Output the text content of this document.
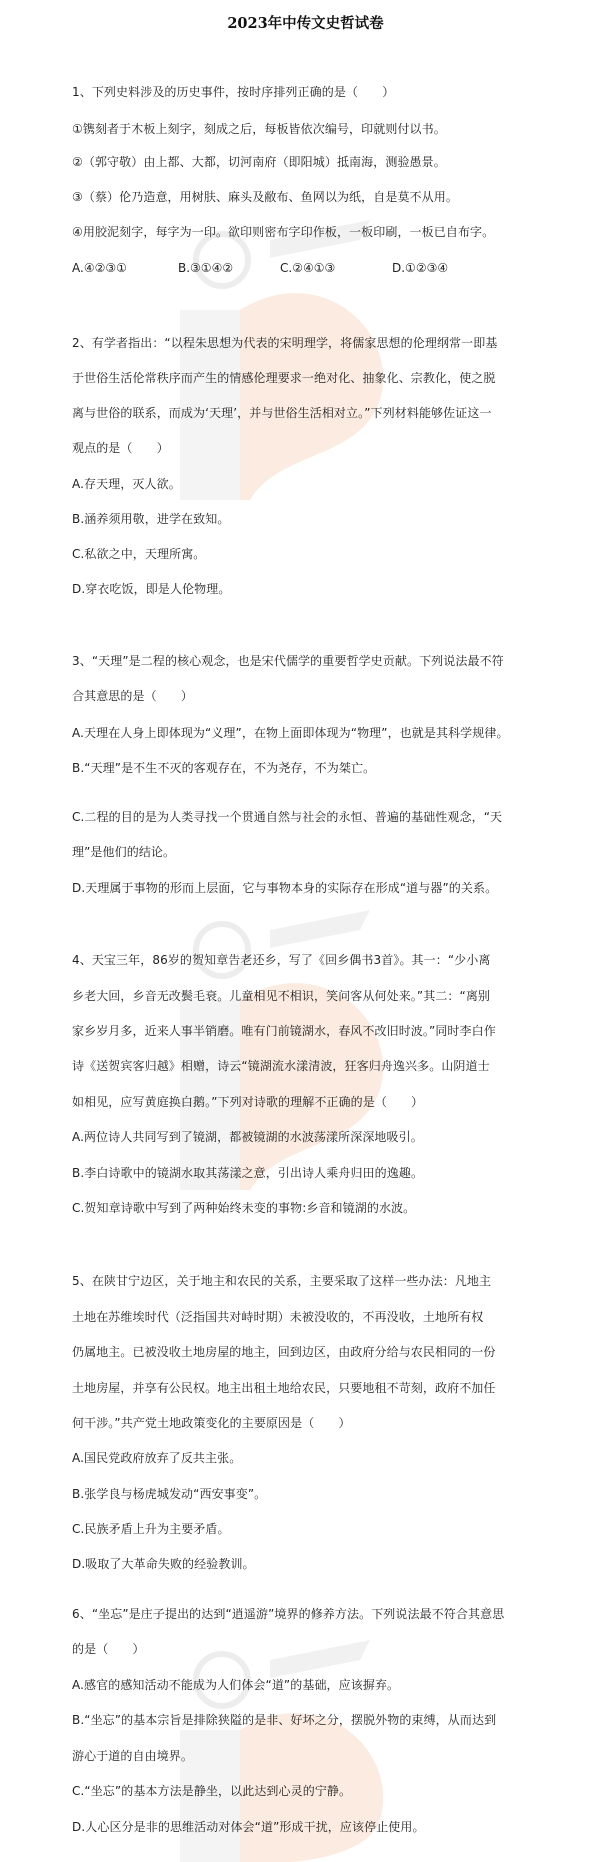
2023年中传文史哲试卷
1、下列史料涉及的历史事件，按时序排列正确的是（　　）
①镌刻者于木板上刻字，刻成之后，每板皆依次编号，印就则付以书。
②（郭守敬）由上都、大都，切河南府（即阳城）抵南海，测验愚景。
③（蔡）伦乃造意，用树肤、麻头及敝布、鱼网以为纸，自是莫不从用。
④用胶泥刻字，每字为一印。欲印则密布字印作板，一板印刷，一板已自布字。
A.④②③①	B.③①④②	C.②④①③	D.①②③④
2、有学者指出：“以程朱思想为代表的宋明理学，将儒家思想的伦理纲常一即基
于世俗生活伦常秩序而产生的情感伦理要求一绝对化、抽象化、宗教化，使之脱
离与世俗的联系，而成为‘天理’，并与世俗生活相对立。”下列材料能够佐证这一
观点的是（　　）
A.存天理，灭人欲。
B.涵养须用敬，进学在致知。
C.私欲之中，天理所寓。
D.穿衣吃饭，即是人伦物理。
3、“天理”是二程的核心观念，也是宋代儒学的重要哲学史贡献。下列说法最不符
合其意思的是（　　）
A.天理在人身上即体现为“义理”，在物上面即体现为“物理”，也就是其科学规律。
B.“天理”是不生不灭的客观存在，不为尧存，不为桀亡。
C.二程的目的是为人类寻找一个贯通自然与社会的永恒、普遍的基础性观念，“天
理”是他们的结论。
D.天理属于事物的形而上层面，它与事物本身的实际存在形成“道与器”的关系。
4、天宝三年，86岁的贺知章告老还乡，写了《回乡偶书3首》。其一：“少小离
乡老大回，乡音无改鬓毛衰。儿童相见不相识，笑问客从何处来。”其二：“离别
家乡岁月多，近来人事半销磨。唯有门前镜湖水，春风不改旧时波。”同时李白作
诗《送贺宾客归越》相赠，诗云“镜湖流水漾清波，狂客归舟逸兴多。山阴道士
如相见，应写黄庭换白鹅。”下列对诗歌的理解不正确的是（　　）
A.两位诗人共同写到了镜湖，都被镜湖的水波荡漾所深深地吸引。
B.李白诗歌中的镜湖水取其荡漾之意，引出诗人乘舟归田的逸趣。
C.贺知章诗歌中写到了两种始终未变的事物:乡音和镜湖的水波。
5、在陕甘宁边区，关于地主和农民的关系，主要采取了这样一些办法：凡地主
土地在苏维埃时代（泛指国共对峙时期）未被没收的，不再没收，土地所有权
仍属地主。已被没收土地房屋的地主，回到边区，由政府分给与农民相同的一份
土地房屋，并享有公民权。地主出租土地给农民，只要地租不苛刻，政府不加任
何干涉。”共产党土地政策变化的主要原因是（　　）
A.国民党政府放弃了反共主张。
B.张学良与杨虎城发动“西安事变”。
C.民族矛盾上升为主要矛盾。
D.吸取了大革命失败的经验教训。
6、“坐忘”是庄子提出的达到“逍遥游”境界的修养方法。下列说法最不符合其意思
的是（　　）
A.感官的感知活动不能成为人们体会“道”的基础，应该摒弃。
B.“坐忘”的基本宗旨是排除狭隘的是非、好坏之分，摆脱外物的束缚，从而达到
游心于道的自由境界。
C.“坐忘”的基本方法是静坐，以此达到心灵的宁静。
D.人心区分是非的思维活动对体会“道”形成干扰，应该停止使用。
